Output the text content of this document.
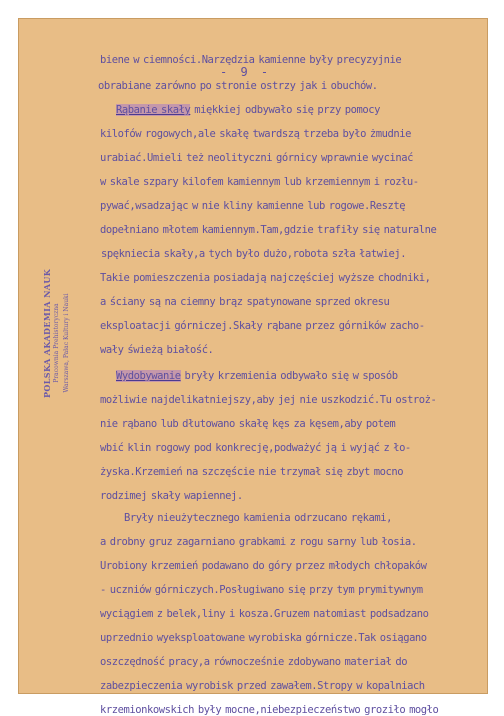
- 9 -
biene w ciemności.Narzędzia kamienne były precyzyjnie
obrabiane zarówno po stronie ostrzy jak i obuchów.
Rąbanie skały miękkiej odbywało się przy pomocy
kilofów rogowych,ale skałę twardszą trzeba było żmudnie
urabiać.Umieli też neolityczni górnicy wprawnie wycinać
w skale szpary kilofem kamiennym lub krzemiennym i rozłu-
pywać,wsadzając w nie kliny kamienne lub rogowe.Resztę
dopełniano młotem kamiennym.Tam,gdzie trafiły się naturalne
spękniecia skały,a tych było dużo,robota szła łatwiej.
Takie pomieszczenia posiadają najczęściej wyższe chodniki,
a ściany są na ciemny brąz spatynowane sprzed okresu
eksploatacji górniczej.Skały rąbane przez górników zacho-
wały świeżą białość.
Wydobywanie bryły krzemienia odbywało się w sposób
możliwie najdelikatniejszy,aby jej nie uszkodzić.Tu ostroż-
nie rąbano lub dłutowano skałę kęs za kęsem,aby potem
wbić klin rogowy pod konkrecję,podważyć ją i wyjąć z ło-
żyska.Krzemień na szczęście nie trzymał się zbyt mocno
rodzimej skały wapiennej.
Bryły nieużytecznego kamienia odrzucano rękami,
a drobny gruz zagarniano grabkami z rogu sarny lub łosia.
Urobiony krzemień podawano do góry przez młodych chłopaków
- uczniów górniczych.Posługiwano się przy tym prymitywnym
wyciągiem z belek,liny i kosza.Gruzem natomiast podsadzano
uprzednio wyeksploatowane wyrobiska górnicze.Tak osiągano
oszczędność pracy,a równocześnie zdobywano materiał do
zabezpieczenia wyrobisk przed zawałem.Stropy w kopalniach
krzemionkowskich były mocne,niebezpieczeństwo groziło mogło
POLSKA AKADEMIA NAUK Pracownia Prehistoryczna Warszawa, Pałac Kultury i Nauki
